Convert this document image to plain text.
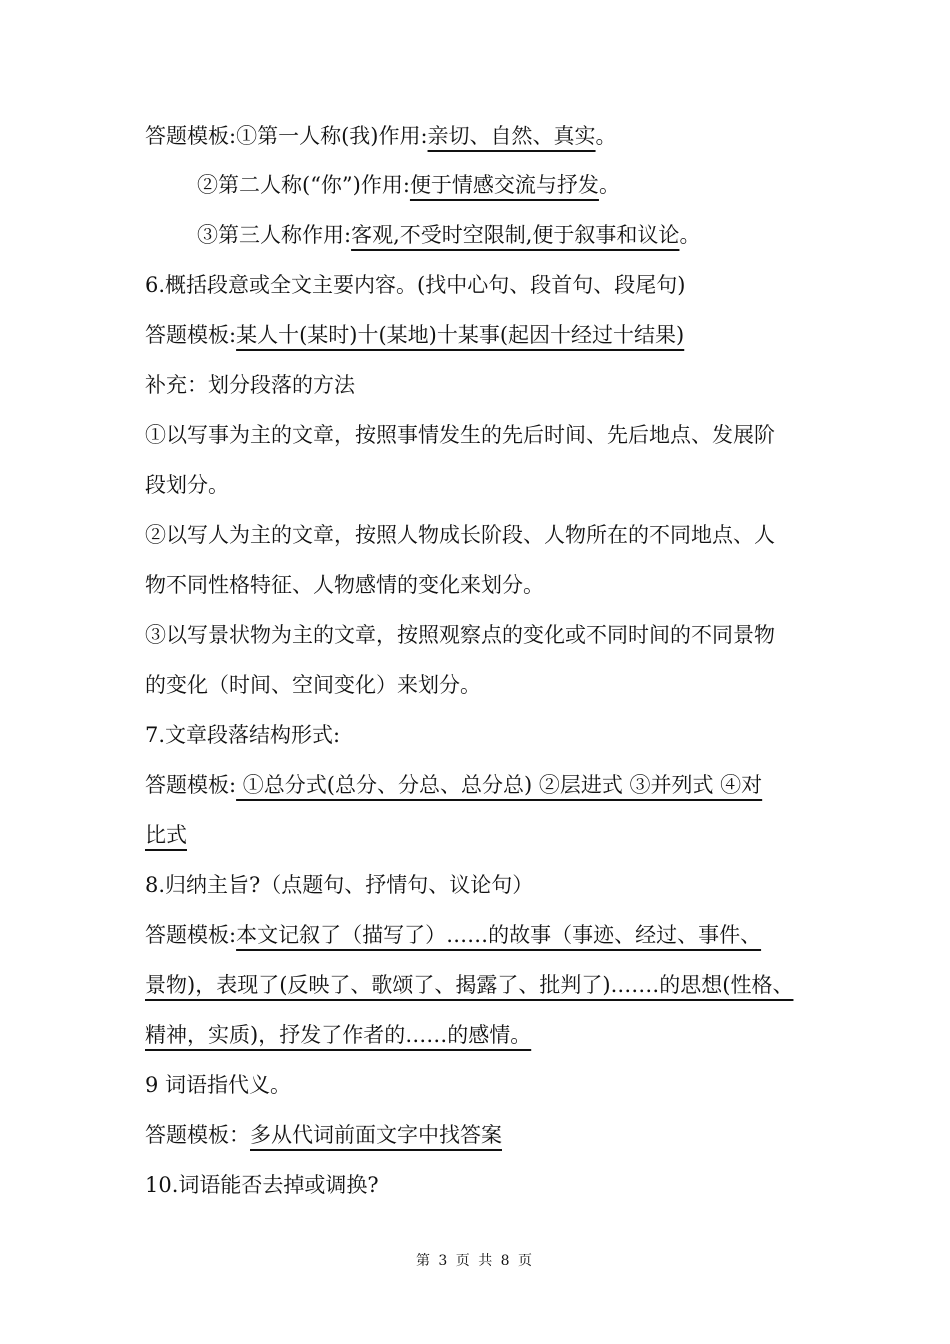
答题模板:①第一人称(我)作用:亲切、自然、真实。
②第二人称(“你”)作用:便于情感交流与抒发。
③第三人称作用:客观,不受时空限制,便于叙事和议论。
6.概括段意或全文主要内容。(找中心句、段首句、段尾句)
答题模板:某人十(某时)十(某地)十某事(起因十经过十结果)
补充：划分段落的方法
①以写事为主的文章，按照事情发生的先后时间、先后地点、发展阶
段划分。
②以写人为主的文章，按照人物成长阶段、人物所在的不同地点、人
物不同性格特征、人物感情的变化来划分。
③以写景状物为主的文章，按照观察点的变化或不同时间的不同景物
的变化（时间、空间变化）来划分。
7.文章段落结构形式:
答题模板: ①总分式(总分、分总、总分总) ②层进式 ③并列式 ④对
比式
8.归纳主旨?（点题句、抒情句、议论句）
答题模板:本文记叙了（描写了）……的故事（事迹、经过、事件、
景物)，表现了(反映了、歌颂了、揭露了、批判了).……的思想(性格、
精神，实质)，抒发了作者的……的感情。
9 词语指代义。
答题模板：多从代词前面文字中找答案
10.词语能否去掉或调换?
第 3 页 共 8 页
